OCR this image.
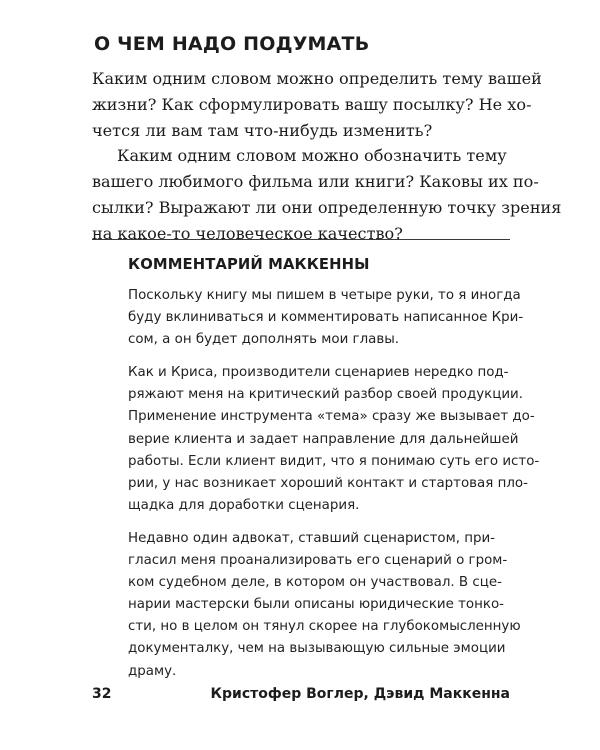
О ЧЕМ НАДО ПОДУМАТЬ

Каким одним словом можно определить тему вашей
жизни? Как сформулировать вашу посылку? Не хо-
чется ли вам там что-нибудь изменить?

Каким одним словом можно обозначить тему
вашего любимого фильма или книги? Каковы их по-
сылки? Выражают ли они определенную точку зрения
на какое-то человеческое качество?

КОММЕНТАРИЙ МАККЕННЫ

Поскольку книгу мы пишем в четыре руки, то я иногда
буду вклиниваться и комментировать написанное Кри-
сом, а он будет дополнять мои главы.

Как и Криса, производители сценариев нередко под-
ряжают меня на критический разбор своей продукции.
Применение инструмента «тема» сразу же вызывает до-
верие клиента и задает направление для дальнейшей
работы. Если клиент видит, что я понимаю суть его исто-
рии, у нас возникает хороший контакт и стартовая пло-
щадка для доработки сценария.

Недавно один адвокат, ставший сценаристом, при-
гласил меня проанализировать его сценарий о гром-
ком судебном деле, в котором он участвовал. В сце-
нарии мастерски были описаны юридические тонко-
сти, но в целом он тянул скорее на глубокомысленную
документалку, чем на вызывающую сильные эмоции
драму.

32	Кристофер Воглер, Дэвид Маккенна
